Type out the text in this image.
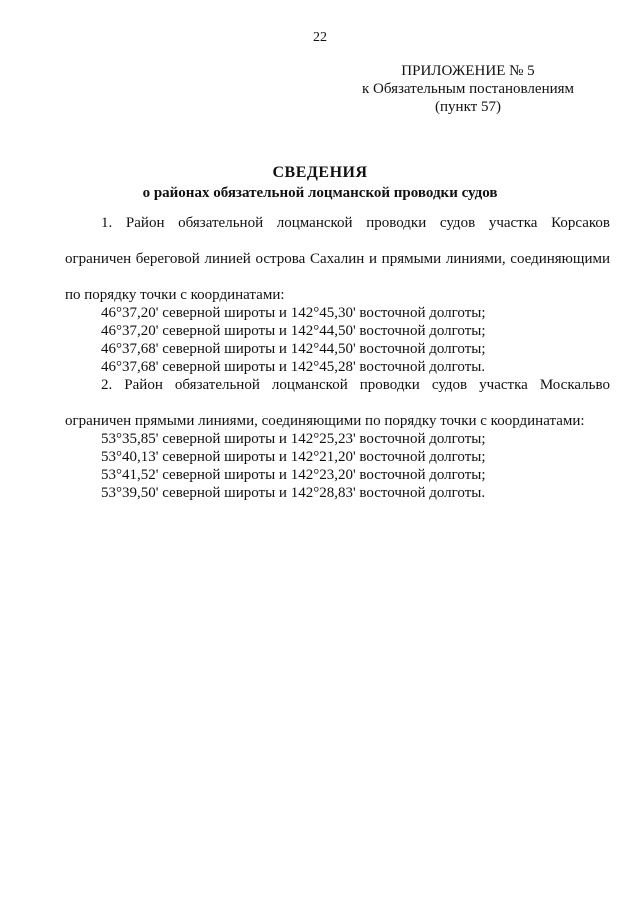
22
ПРИЛОЖЕНИЕ № 5
к Обязательным постановлениям
(пункт 57)
СВЕДЕНИЯ
о районах обязательной лоцманской проводки судов
1. Район обязательной лоцманской проводки судов участка Корсаков
ограничен береговой линией острова Сахалин и прямыми линиями, соединяющими
по порядку точки с координатами:
46°37,20' северной широты и 142°45,30' восточной долготы;
46°37,20' северной широты и 142°44,50' восточной долготы;
46°37,68' северной широты и 142°44,50' восточной долготы;
46°37,68' северной широты и 142°45,28' восточной долготы.
2. Район обязательной лоцманской проводки судов участка Москальво
ограничен прямыми линиями, соединяющими по порядку точки с координатами:
53°35,85' северной широты и 142°25,23' восточной долготы;
53°40,13' северной широты и 142°21,20' восточной долготы;
53°41,52' северной широты и 142°23,20' восточной долготы;
53°39,50' северной широты и 142°28,83' восточной долготы.
